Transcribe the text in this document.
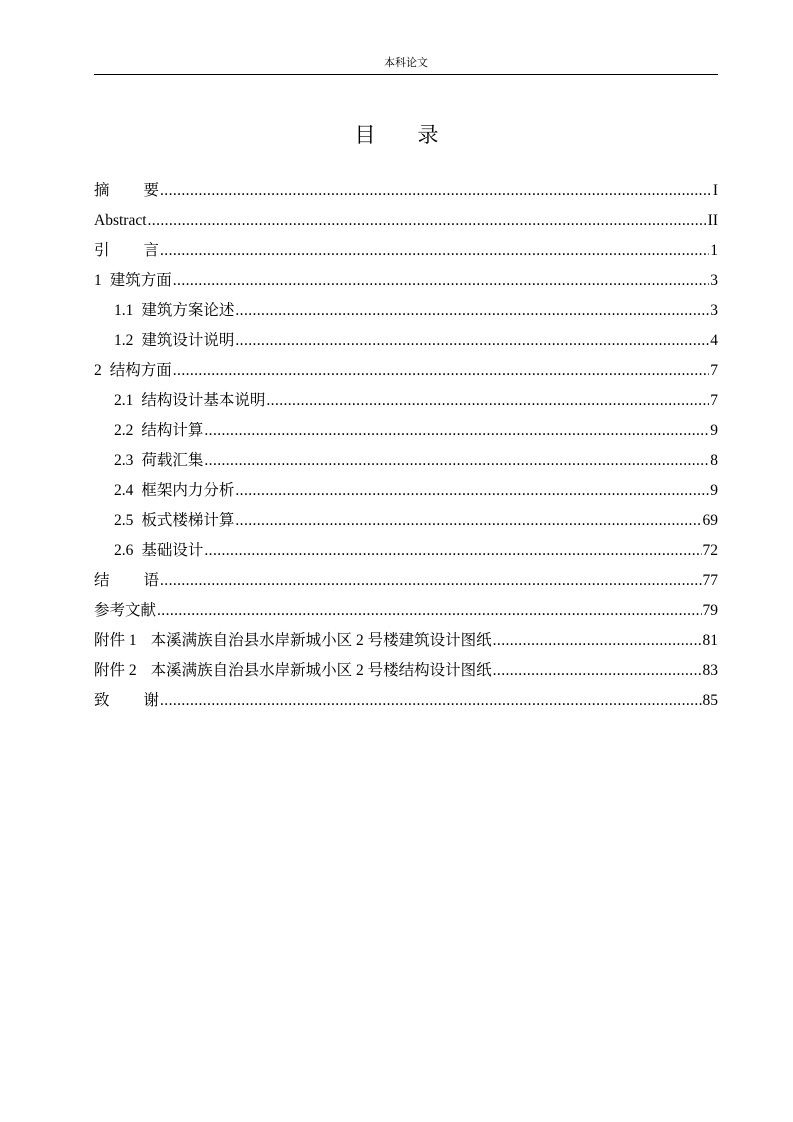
本科论文
目 录
摘要 .....	I
Abstract .....	II
引言 .....	1
1 建筑方面 .....	3
1.1 建筑方案论述 .....	3
1.2 建筑设计说明 .....	4
2 结构方面 .....	7
2.1 结构设计基本说明 .....	7
2.2 结构计算 .....	9
2.3 荷载汇集 .....	8
2.4 框架内力分析 .....	9
2.5 板式楼梯计算 .....	69
2.6 基础设计 .....	72
结语 .....	77
参考文献 .....	79
附件 1 本溪满族自治县水岸新城小区 2 号楼建筑设计图纸 .....	81
附件 2 本溪满族自治县水岸新城小区 2 号楼结构设计图纸 .....	83
致谢 .....	85
